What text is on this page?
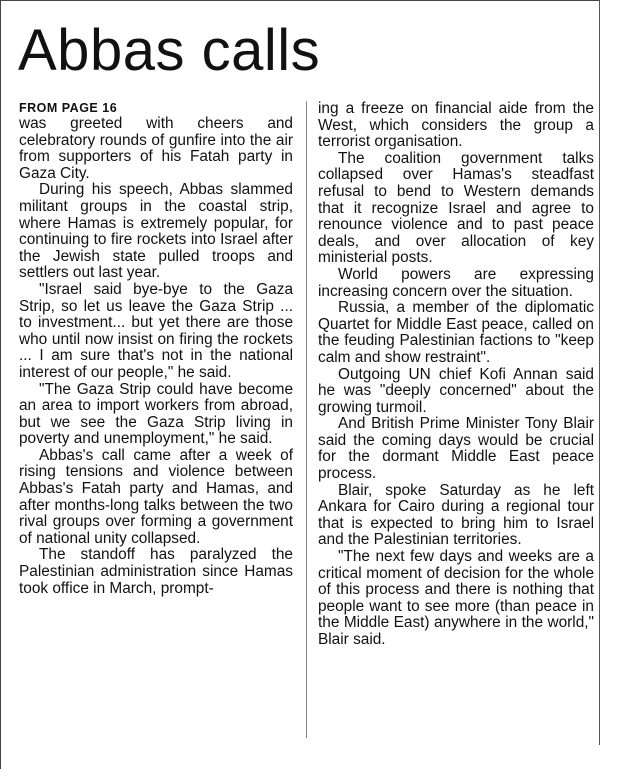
Abbas calls
FROM PAGE 16

was greeted with cheers and celebratory rounds of gunfire into the air from supporters of his Fatah party in Gaza City.

During his speech, Abbas slammed militant groups in the coastal strip, where Hamas is extremely popular, for continuing to fire rockets into Israel after the Jewish state pulled troops and settlers out last year.

"Israel said bye-bye to the Gaza Strip, so let us leave the Gaza Strip ... to investment... but yet there are those who until now insist on firing the rockets ... I am sure that's not in the national interest of our people," he said.

"The Gaza Strip could have become an area to import workers from abroad, but we see the Gaza Strip living in poverty and unemployment," he said.

Abbas's call came after a week of rising tensions and violence between Abbas's Fatah party and Hamas, and after months-long talks between the two rival groups over forming a government of national unity collapsed.

The standoff has paralyzed the Palestinian administration since Hamas took office in March, prompt-

ing a freeze on financial aide from the West, which considers the group a terrorist organisation.

The coalition government talks collapsed over Hamas's steadfast refusal to bend to Western demands that it recognize Israel and agree to renounce violence and to past peace deals, and over allocation of key ministerial posts.

World powers are expressing increasing concern over the situation.

Russia, a member of the diplomatic Quartet for Middle East peace, called on the feuding Palestinian factions to "keep calm and show restraint".

Outgoing UN chief Kofi Annan said he was "deeply concerned" about the growing turmoil.

And British Prime Minister Tony Blair said the coming days would be crucial for the dormant Middle East peace process.

Blair, spoke Saturday as he left Ankara for Cairo during a regional tour that is expected to bring him to Israel and the Palestinian territories.

"The next few days and weeks are a critical moment of decision for the whole of this process and there is nothing that people want to see more (than peace in the Middle East) anywhere in the world," Blair said.
